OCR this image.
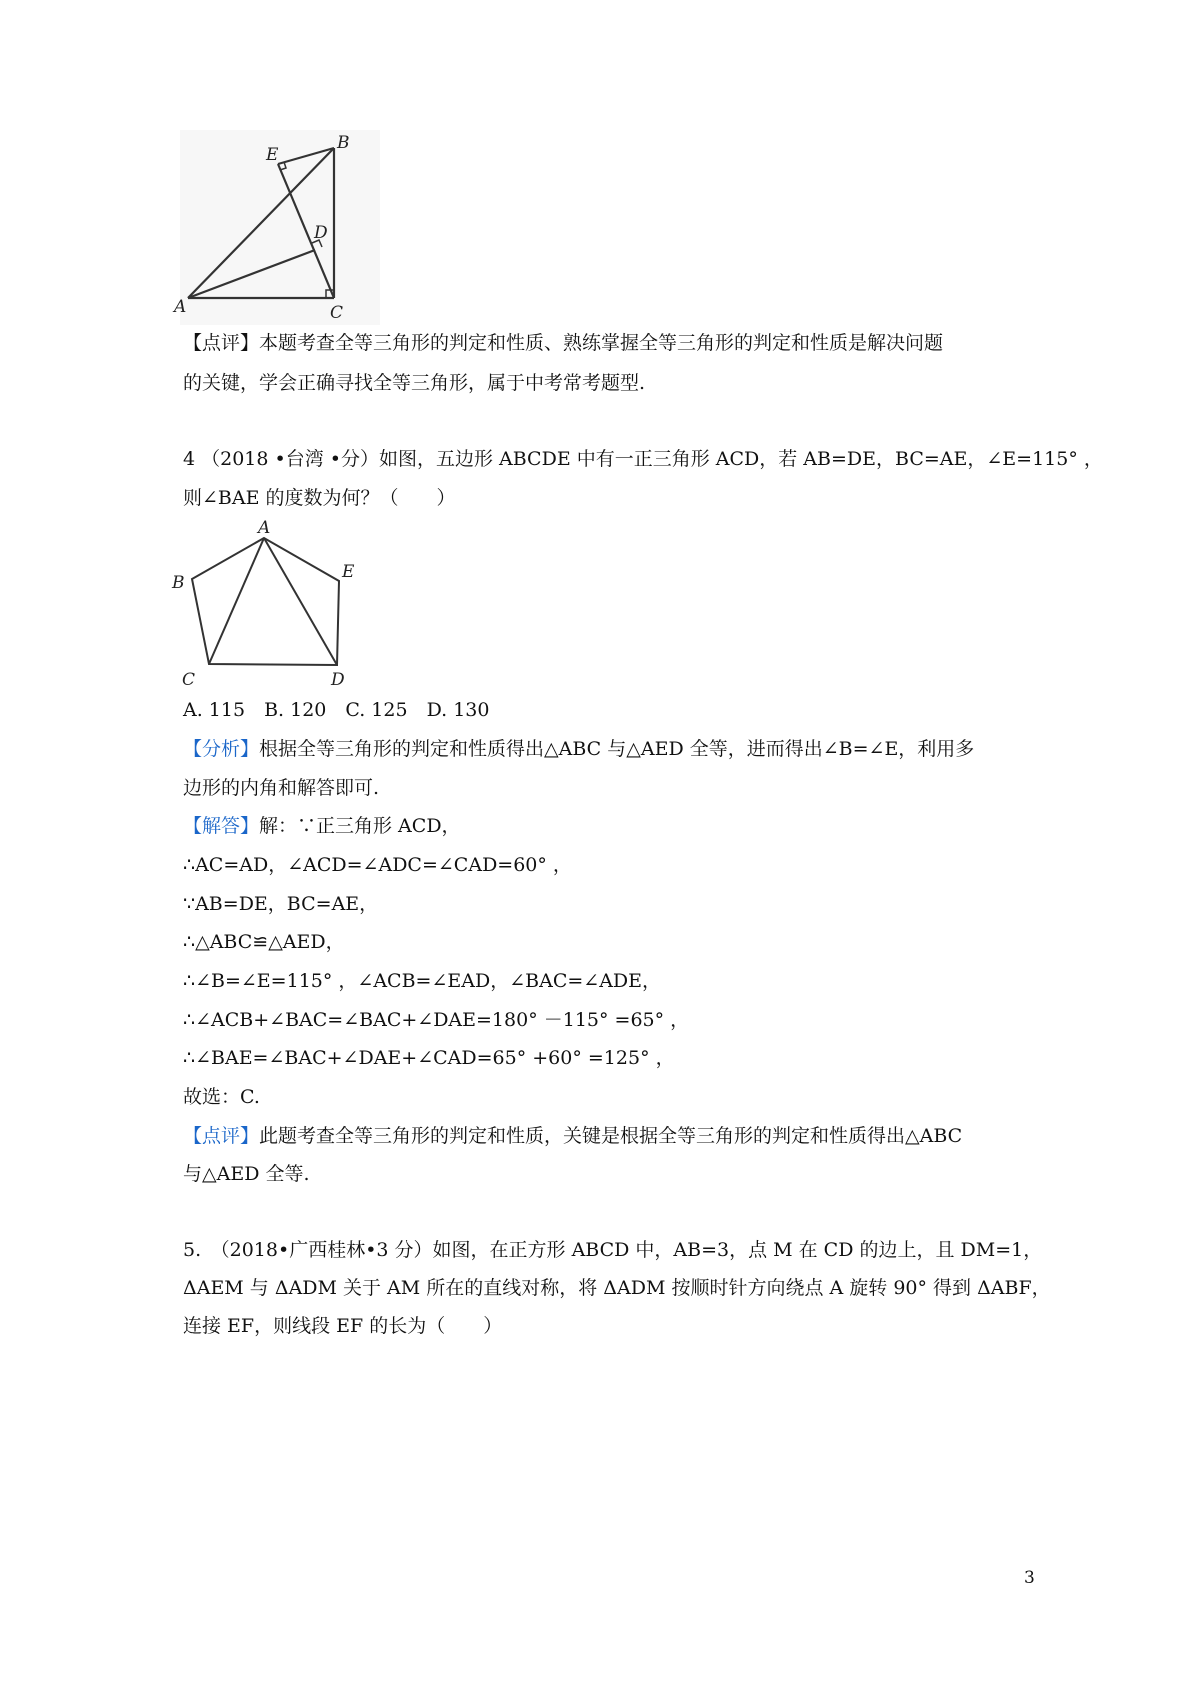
A
B
C
D
E
【点评】本题考查全等三角形的判定和性质、熟练掌握全等三角形的判定和性质是解决问题
的关键，学会正确寻找全等三角形，属于中考常考题型.
4 （2018 •台湾 •分）如图，五边形 ABCDE 中有一正三角形 ACD，若 AB=DE，BC=AE，∠E=115° ，
则∠BAE 的度数为何？（　　）
A
B
C	D
E
A. 115　B. 120　C. 125　D. 130
【分析】根据全等三角形的判定和性质得出△ABC 与△AED 全等，进而得出∠B=∠E，利用多
边形的内角和解答即可.
【解答】解：∵正三角形 ACD，
∴AC=AD，∠ACD=∠ADC=∠CAD=60° ，
∵AB=DE，BC=AE，
∴△ABC≌△AED，
∴∠B=∠E=115° ，∠ACB=∠EAD，∠BAC=∠ADE，
∴∠ACB+∠BAC=∠BAC+∠DAE=180° －115° =65° ，
∴∠BAE=∠BAC+∠DAE+∠CAD=65° +60° =125° ，
故选：C.
【点评】此题考查全等三角形的判定和性质，关键是根据全等三角形的判定和性质得出△ABC
与△AED 全等.
5.　（2018•广西桂林•3 分）如图，在正方形 ABCD 中，AB=3，点 M 在 CD 的边上，且 DM=1，
ΔAEM 与 ΔADM 关于 AM 所在的直线对称，将 ΔADM 按顺时针方向绕点 A 旋转 90° 得到 ΔABF，
连接 EF，则线段 EF 的长为（　　）
3
